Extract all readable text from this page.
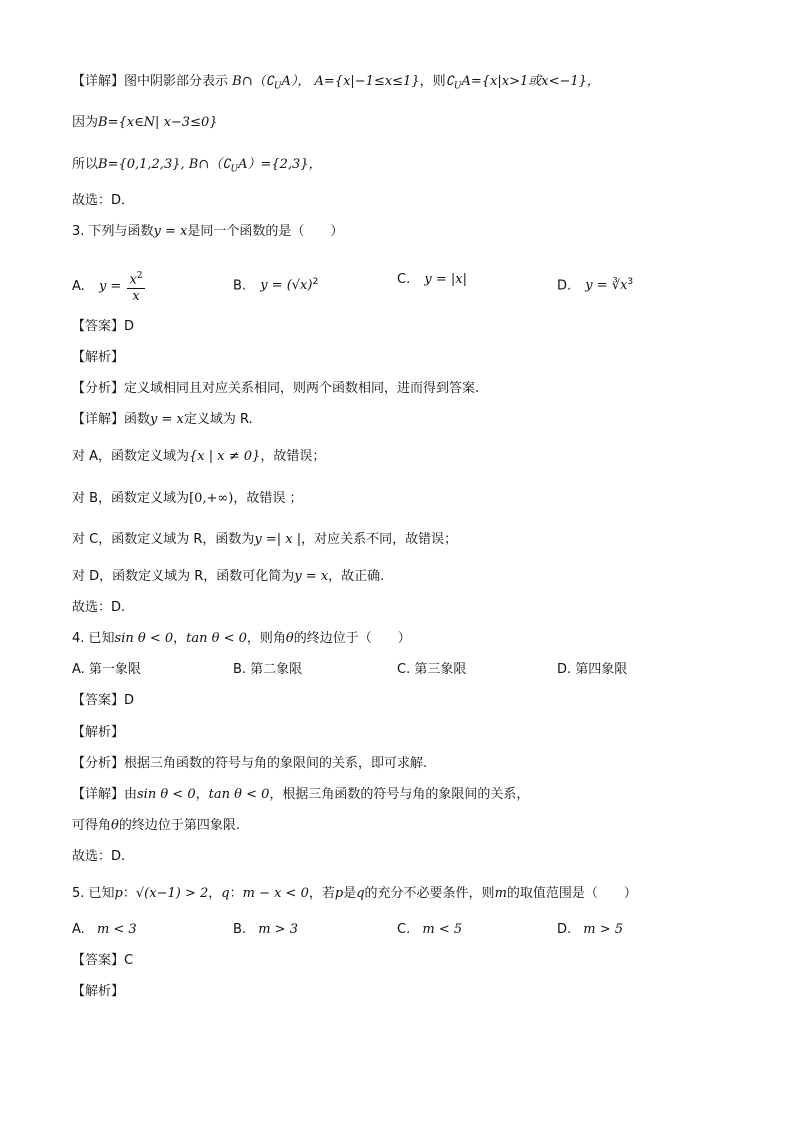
【详解】图中阴影部分表示 $B\cap(∁_UA)$， A={x|−1≤x≤1}，则$∁_UA=\{x|x>1$或x<−1}，
因为B={x∈N| x−3≤0}
所以B={0,1,2,3}, $B\cap(∁_UA)=\{2,3\}$，
故选：D．
3. 下列与函数y = x是同一个函数的是（　　）
A. $y = \frac{x^2}{x}$	B. $y = (√x)^2$	C. y = |x|	D. $y = ∛x^3$
【答案】D
【解析】
【分析】定义域相同且对应关系相同，则两个函数相同，进而得到答案.
【详解】函数y = x定义域为 R.
对 A，函数定义域为{x | x ≠ 0}，故错误；
对 B，函数定义域为[0,+∞)，故错误 ；
对 C，函数定义域为 R，函数为y =| x |，对应关系不同，故错误；
对 D，函数定义域为 R，函数可化简为y = x，故正确.
故选：D.
4. 已知sin θ < 0，tan θ < 0，则角θ的终边位于（　　）
A. 第一象限	B. 第二象限	C. 第三象限	D. 第四象限
【答案】D
【解析】
【分析】根据三角函数的符号与角的象限间的关系，即可求解.
【详解】由sin θ < 0，tan θ < 0，根据三角函数的符号与角的象限间的关系，
可得角θ的终边位于第四象限.
故选：D.
5. 已知p：√(x−1) > 2，q：m − x < 0，若p是q的充分不必要条件，则m的取值范围是（　　）
A. m < 3	B. m > 3	C. m < 5	D. m > 5
【答案】C
【解析】
